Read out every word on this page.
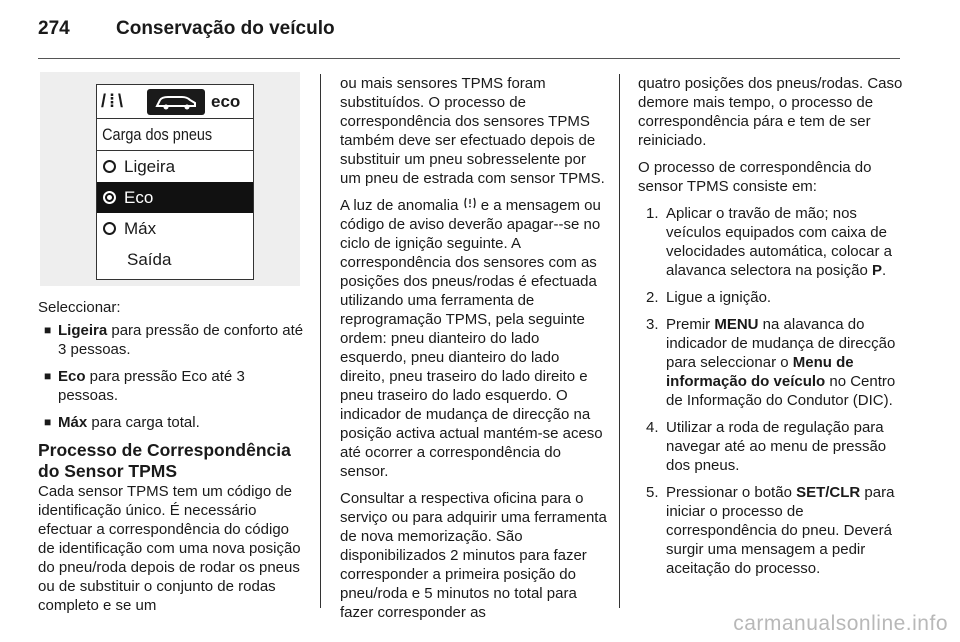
274	Conservação do veículo
/ ⁞ \	eco
Carga dos pneus
Ligeira
Eco
Máx
Saída

Seleccionar:

■ Ligeira para pressão de conforto até 3 pessoas.
■ Eco para pressão Eco até 3 pessoas.
■ Máx para carga total.
Processo de Correspondência do Sensor TPMS

Cada sensor TPMS tem um código de identificação único. É necessário efectuar a correspondência do código de identificação com uma nova posição do pneu/roda depois de rodar os pneus ou de substituir o conjunto de rodas completo e se um

ou mais sensores TPMS foram substituídos. O processo de correspondência dos sensores TPMS também deve ser efectuado depois de substituir um pneu sobresselente por um pneu de estrada com sensor TPMS.

A luz de anomalia  e a mensagem ou código de aviso deverão apagar--se no ciclo de ignição seguinte. A correspondência dos sensores com as posições dos pneus/rodas é efectuada utilizando uma ferramenta de reprogramação TPMS, pela seguinte ordem: pneu dianteiro do lado esquerdo, pneu dianteiro do lado direito, pneu traseiro do lado direito e pneu traseiro do lado esquerdo. O indicador de mudança de direcção na posição activa actual mantém-se aceso até ocorrer a correspondência do sensor.

Consultar a respectiva oficina para o serviço ou para adquirir uma ferramenta de nova memorização. São disponibilizados 2 minutos para fazer corresponder a primeira posição do pneu/roda e 5 minutos no total para fazer corresponder as

quatro posições dos pneus/rodas. Caso demore mais tempo, o processo de correspondência pára e tem de ser reiniciado.

O processo de correspondência do sensor TPMS consiste em:

1. Aplicar o travão de mão; nos veículos equipados com caixa de velocidades automática, colocar a alavanca selectora na posição P.
2. Ligue a ignição.
3. Premir MENU na alavanca do indicador de mudança de direcção para seleccionar o Menu de informação do veículo no Centro de Informação do Condutor (DIC).
4. Utilizar a roda de regulação para navegar até ao menu de pressão dos pneus.
5. Pressionar o botão SET/CLR para iniciar o processo de correspondência do pneu. Deverá surgir uma mensagem a pedir aceitação do processo.
carmanualsonline.info
